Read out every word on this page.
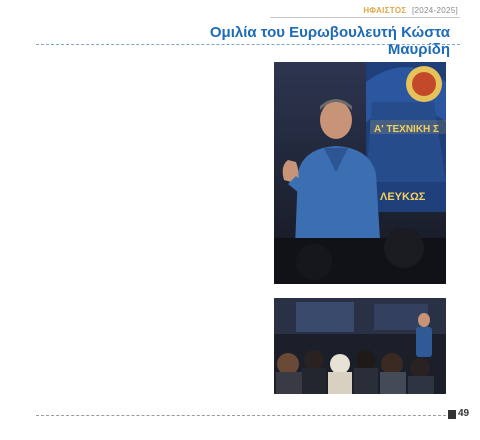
ΗΦΑΙΣΤΟΣ [2024-2025]
Ομιλία του Ευρωβουλευτή Κώστα Μαυρίδη
Α' ΤΕΧΝΙΚΗ Σ
ΛΕΥΚΩΣ
49
